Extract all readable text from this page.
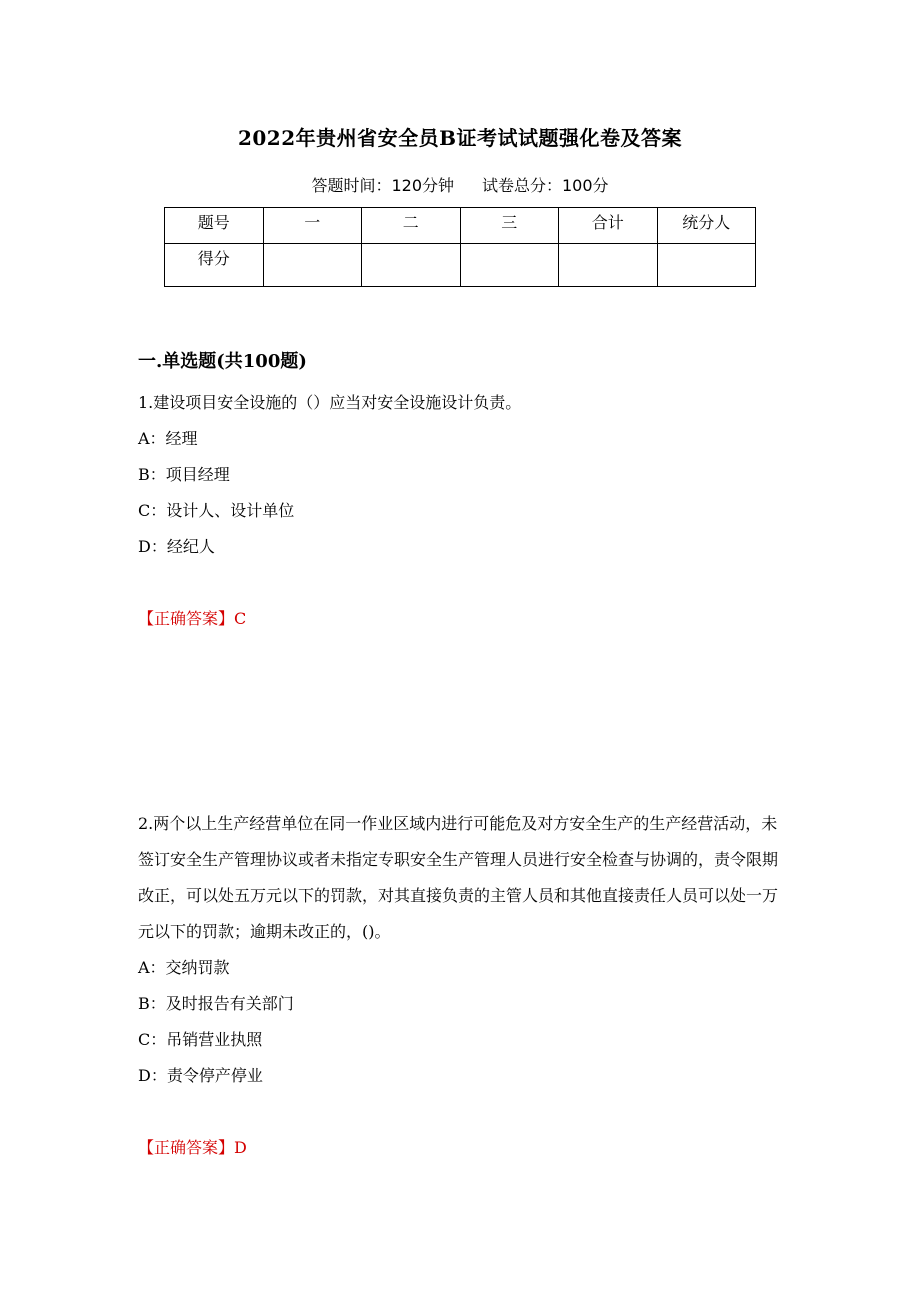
2022年贵州省安全员B证考试试题强化卷及答案
答题时间：120分钟 试卷总分：100分
题号	一	二	三	合计	统分人
得分					
一.单选题(共100题)

1.建设项目安全设施的（）应当对安全设施设计负责。

A：经理

B：项目经理

C：设计人、设计单位

D：经纪人

【正确答案】C

2.两个以上生产经营单位在同一作业区域内进行可能危及对方安全生产的生产经营活动，未签订安全生产管理协议或者未指定专职安全生产管理人员进行安全检查与协调的，责令限期改正，可以处五万元以下的罚款，对其直接负责的主管人员和其他直接责任人员可以处一万元以下的罚款；逾期未改正的，()。

A：交纳罚款

B：及时报告有关部门

C：吊销营业执照

D：责令停产停业

【正确答案】D
